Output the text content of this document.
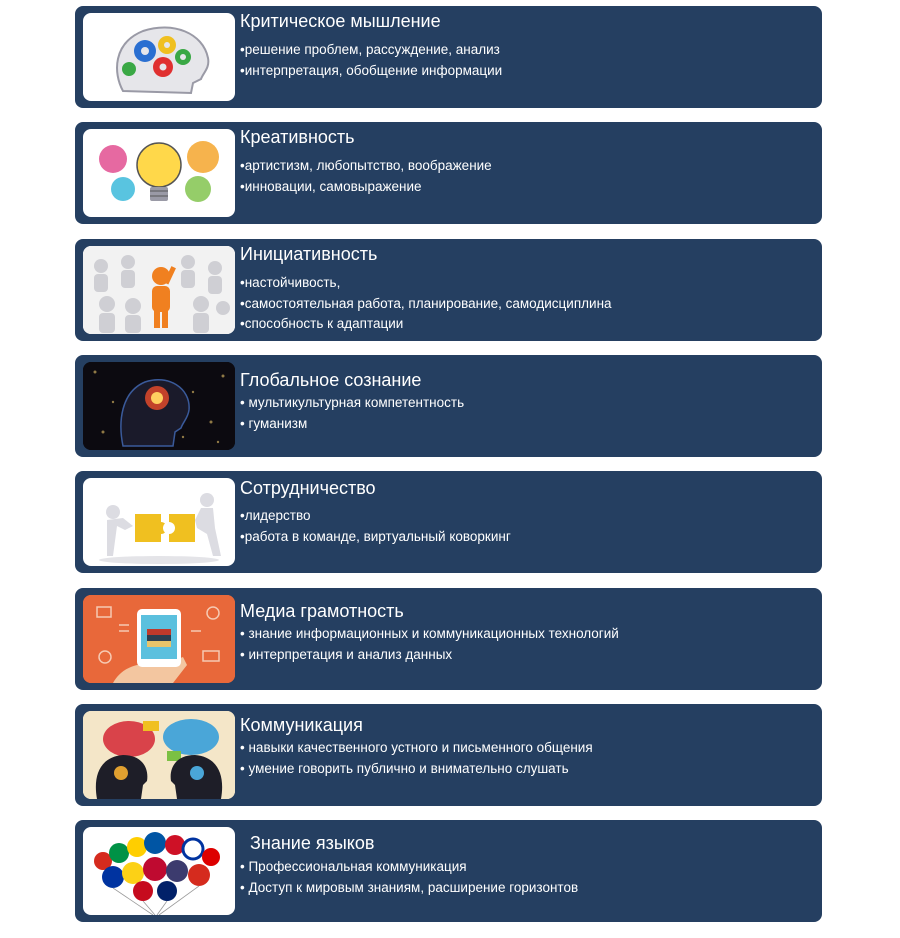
Критическое мышление
•решение проблем, рассуждение, анализ
•интерпретация, обобщение информации
Креативность
•артистизм, любопытство, воображение
•инновации, самовыражение
Инициативность
•настойчивость,
•самостоятельная работа, планирование, самодисциплина
•способность к адаптации
Глобальное сознание
• мультикультурная компетентность
• гуманизм
Сотрудничество
•лидерство
•работа в команде, виртуальный коворкинг
Медиа грамотность
• знание информационных и коммуникационных технологий
• интерпретация и анализ данных
Коммуникация
• навыки качественного устного и письменного общения
• умение говорить публично и внимательно слушать
Знание языков
• Профессиональная коммуникация
• Доступ к мировым знаниям, расширение горизонтов
